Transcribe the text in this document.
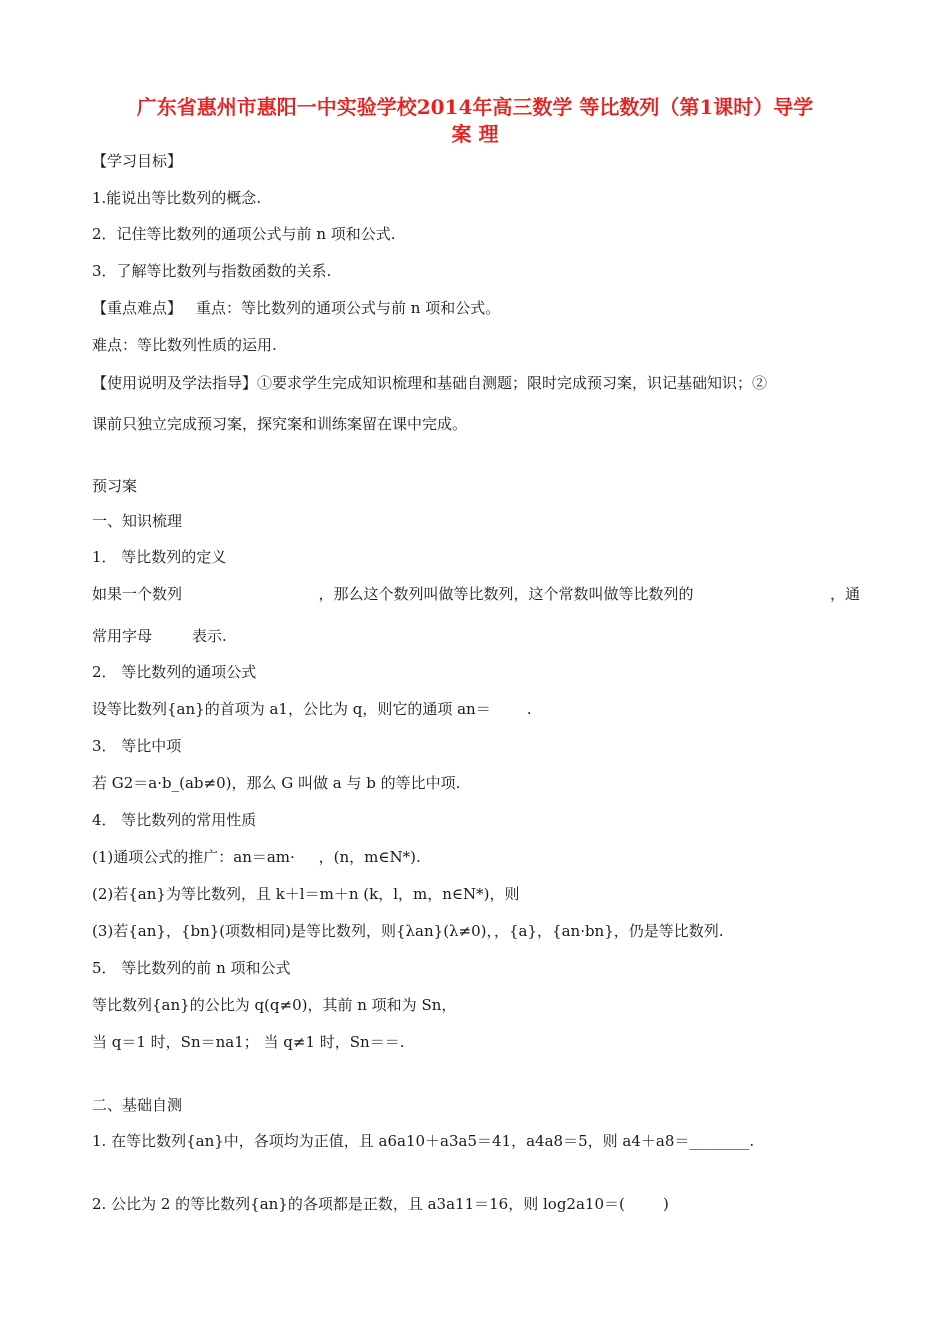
广东省惠州市惠阳一中实验学校2014年高三数学 等比数列（第1课时）导学
案 理
【学习目标】
1.能说出等比数列的概念.
2．记住等比数列的通项公式与前 n 项和公式.
3．了解等比数列与指数函数的关系.
【重点难点】 重点：等比数列的通项公式与前 n 项和公式。
难点：等比数列性质的运用.
【使用说明及学法指导】①要求学生完成知识梳理和基础自测题；限时完成预习案，识记基础知识；②
课前只独立完成预习案，探究案和训练案留在课中完成。
预习案
一、知识梳理
1． 等比数列的定义
如果一个数列	，那么这个数列叫做等比数列，这个常数叫做等比数列的	，通
常用字母	表示.
2． 等比数列的通项公式
设等比数列{an}的首项为 a1，公比为 q，则它的通项 an＝ .
3． 等比中项
若 G2＝a·b_(ab≠0)，那么 G 叫做 a 与 b 的等比中项.
4． 等比数列的常用性质
(1)通项公式的推广：an＝am·     ，(n，m∈N*).
(2)若{an}为等比数列，且 k＋l＝m＋n (k，l，m，n∈N*)，则
(3)若{an}，{bn}(项数相同)是等比数列，则{λan}(λ≠0)，，{a}，{an·bn}，仍是等比数列.
5． 等比数列的前 n 项和公式
等比数列{an}的公比为 q(q≠0)，其前 n 项和为 Sn，
当 q＝1 时，Sn＝na1； 当 q≠1 时，Sn＝＝.
二、基础自测
1. 在等比数列{an}中，各项均为正值，且 a6a10＋a3a5＝41，a4a8＝5，则 a4＋a8＝________.
2. 公比为 2 的等比数列{an}的各项都是正数，且 a3a11＝16，则 log2a10＝(        )
